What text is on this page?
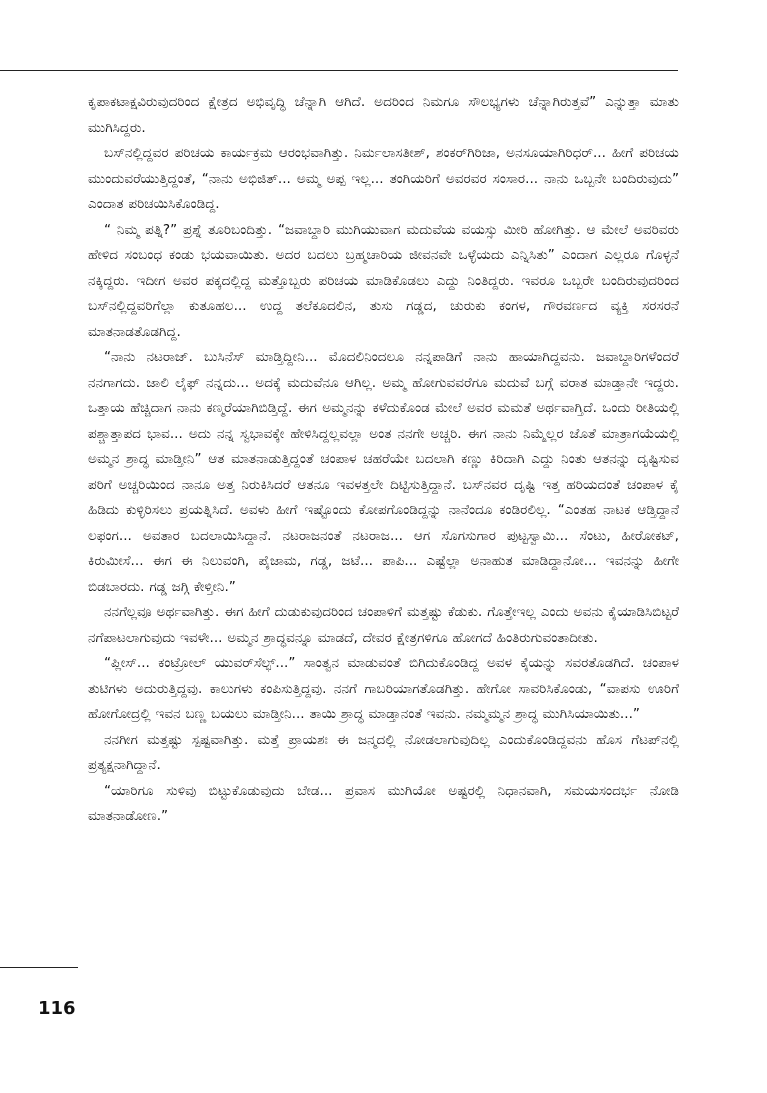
ಕೃಪಾಕಟಾಕ್ಷವಿರುವುದರಿಂದ ಕ್ಷೇತ್ರದ ಅಭಿವೃದ್ಧಿ ಚೆನ್ನಾಗಿ ಆಗಿದೆ. ಅದರಿಂದ ನಿಮಗೂ ಸೌಲಭ್ಯಗಳು ಚೆನ್ನಾಗಿರುತ್ತವೆ” ಎನ್ನುತ್ತಾ ಮಾತು ಮುಗಿಸಿದ್ದರು.

ಬಸ್‌ನಲ್ಲಿದ್ದವರ ಪರಿಚಯ ಕಾರ್ಯಕ್ರಮ ಆರಂಭವಾಗಿತ್ತು. ನಿರ್ಮಲಾಸತೀಶ್, ಶಂಕರ್‌ಗಿರಿಜಾ, ಅನಸೂಯಾಗಿರಿಧರ್... ಹೀಗೆ ಪರಿಚಯ ಮುಂದುವರೆಯುತ್ತಿದ್ದಂತೆ, “ನಾನು ಅಭಿಜಿತ್... ಅಮ್ಮ ಅಪ್ಪ ಇಲ್ಲ... ತಂಗಿಯರಿಗೆ ಅವರವರ ಸಂಸಾರ... ನಾನು ಒಬ್ಬನೇ ಬಂದಿರುವುದು” ಎಂದಾತ ಪರಿಚಯಿಸಿಕೊಂಡಿದ್ದ.

“ ನಿಮ್ಮ ಪತ್ನಿ?” ಪ್ರಶ್ನೆ ತೂರಿಬಂದಿತ್ತು. “ಜವಾಬ್ದಾರಿ ಮುಗಿಯುವಾಗ ಮದುವೆಯ ವಯಸ್ಸು ಮೀರಿ ಹೋಗಿತ್ತು. ಆ ಮೇಲೆ ಅವರಿವರು ಹೇಳಿದ ಸಂಬಂಧ ಕಂಡು ಭಯವಾಯಿತು. ಅದರ ಬದಲು ಬ್ರಹ್ಮಚಾರಿಯ ಜೀವನವೇ ಒಳ್ಳೆಯದು ಎನ್ನಿಸಿತು” ಎಂದಾಗ ಎಲ್ಲರೂ ಗೊಳ್ಳನೆ ನಕ್ಕಿದ್ದರು. ಇದೀಗ ಅವರ ಪಕ್ಕದಲ್ಲಿದ್ದ ಮತ್ತೊಬ್ಬರು ಪರಿಚಯ ಮಾಡಿಕೊಡಲು ಎದ್ದು ನಿಂತಿದ್ದರು. ಇವರೂ ಒಬ್ಬರೇ ಬಂದಿರುವುದರಿಂದ ಬಸ್‌ನಲ್ಲಿದ್ದವರಿಗೆಲ್ಲಾ ಕುತೂಹಲ... ಉದ್ದ ತಲೆಕೂದಲಿನ, ತುಸು ಗಡ್ಡದ, ಚುರುಕು ಕಂಗಳ, ಗೌರವರ್ಣದ ವ್ಯಕ್ತಿ ಸರಸರನೆ ಮಾತನಾಡತೊಡಗಿದ್ದ.

“ನಾನು ನಟರಾಜ್. ಬುಸಿನೆಸ್ ಮಾಡ್ತಿದ್ದೀನಿ... ಮೊದಲಿನಿಂದಲೂ ನನ್ನಪಾಡಿಗೆ ನಾನು ಹಾಯಾಗಿದ್ದವನು. ಜವಾಬ್ದಾರಿಗಳೆಂದರೆ ನನಗಾಗದು. ಜಾಲಿ ಲೈಫ್ ನನ್ನದು... ಅದಕ್ಕೆ ಮದುವೆನೂ ಆಗಿಲ್ಲ. ಅಮ್ಮ ಹೋಗುವವರೆಗೂ ಮದುವೆ ಬಗ್ಗೆ ವರಾತ ಮಾಡ್ತಾನೇ ಇದ್ದರು. ಒತ್ತಾಯ ಹೆಚ್ಚಿದಾಗ ನಾನು ಕಣ್ಮರೆಯಾಗಿಬಿಡ್ತಿದ್ದೆ. ಈಗ ಅಮ್ಮನನ್ನು ಕಳೆದುಕೊಂಡ ಮೇಲೆ ಅವರ ಮಮತೆ ಅರ್ಥವಾಗ್ತಿದೆ. ಒಂದು ರೀತಿಯಲ್ಲಿ ಪಶ್ಚಾತ್ತಾಪದ ಭಾವ... ಅದು ನನ್ನ ಸ್ವಭಾವಕ್ಕೇ ಹೇಳಿಸಿದ್ದಲ್ಲವಲ್ಲಾ ಅಂತ ನನಗೇ ಅಚ್ಚರಿ. ಈಗ ನಾನು ನಿಮ್ಮೆಲ್ಲರ ಜೊತೆ ಮಾತ್ರಾಗಯೆಯಲ್ಲಿ ಅಮ್ಮನ ಶ್ರಾದ್ಧ ಮಾಡ್ತೀನಿ” ಆತ ಮಾತನಾಡುತ್ತಿದ್ದಂತೆ ಚಂಪಾಳ ಚಹರೆಯೇ ಬದಲಾಗಿ ಕಣ್ಣು ಕಿರಿದಾಗಿ ಎದ್ದು ನಿಂತು ಆತನನ್ನು ದೃಷ್ಟಿಸುವ ಪರಿಗೆ ಅಚ್ಚರಿಯಿಂದ ನಾನೂ ಅತ್ತ ನಿರುಕಿಸಿದರೆ ಆತನೂ ಇವಳತ್ತಲೇ ದಿಟ್ಟಿಸುತ್ತಿದ್ದಾನೆ. ಬಸ್‌ನವರ ದೃಷ್ಟಿ ಇತ್ತ ಹರಿಯದಂತೆ ಚಂಪಾಳ ಕೈ ಹಿಡಿದು ಕುಳ್ಳಿರಿಸಲು ಪ್ರಯತ್ನಿಸಿದೆ. ಅವಳು ಹೀಗೆ ಇಷ್ಟೊಂದು ಕೋಪಗೊಂಡಿದ್ದನ್ನು ನಾನೆಂದೂ ಕಂಡಿರಲಿಲ್ಲ. “ಎಂತಹ ನಾಟಕ ಆಡ್ತಿದ್ದಾನೆ ಲಫಂಗ... ಅವತಾರ ಬದಲಾಯಿಸಿದ್ದಾನೆ. ನಟರಾಜನಂತೆ ನಟರಾಜ... ಆಗ ಸೊಗಸುಗಾರ ಪುಟ್ಟಸ್ವಾಮಿ... ಸೆಂಟು, ಹೀರೋಕಟ್, ಕಿರುಮೀಸೆ... ಈಗ ಈ ನಿಲುವಂಗಿ, ಪೈಜಾಮ, ಗಡ್ಡ, ಜಟೆ... ಪಾಪಿ... ಎಷ್ಟೆಲ್ಲಾ ಅನಾಹುತ ಮಾಡಿದ್ದಾನೋ... ಇವನನ್ನು ಹೀಗೇ ಬಿಡಬಾರದು. ಗಡ್ಡ ಜಗ್ಗಿ ಕೇಳ್ತೀನಿ.”

ನನಗೆಲ್ಲವೂ ಅರ್ಥವಾಗಿತ್ತು. ಈಗ ಹೀಗೆ ದುಡುಕುವುದರಿಂದ ಚಂಪಾಳಿಗೆ ಮತ್ತಷ್ಟು ಕೆಡುಕು. ಗೊತ್ತೇಇಲ್ಲ ಎಂದು ಅವನು ಕೈಯಾಡಿಸಿಬಿಟ್ಟರೆ ನಗೆಪಾಟಲಾಗುವುದು ಇವಳೇ... ಅಮ್ಮನ ಶ್ರಾದ್ಧವನ್ನೂ ಮಾಡದೆ, ದೇವರ ಕ್ಷೇತ್ರಗಳಿಗೂ ಹೋಗದೆ ಹಿಂತಿರುಗುವಂತಾದೀತು.

“ಪ್ಲೀಸ್... ಕಂಟ್ರೋಲ್ ಯುವರ್‌ಸೆಲ್ಫ್...” ಸಾಂತ್ವನ ಮಾಡುವಂತೆ ಬಿಗಿದುಕೊಂಡಿದ್ದ ಅವಳ ಕೈಯನ್ನು ಸವರತೊಡಗಿದೆ. ಚಂಪಾಳ ತುಟಿಗಳು ಅದುರುತ್ತಿದ್ದವು. ಕಾಲುಗಳು ಕಂಪಿಸುತ್ತಿದ್ದವು. ನನಗೆ ಗಾಬರಿಯಾಗತೊಡಗಿತ್ತು. ಹೇಗೋ ಸಾವರಿಸಿಕೊಂಡು, “ವಾಪಸು ಊರಿಗೆ ಹೋಗೋದ್ರಲ್ಲಿ ಇವನ ಬಣ್ಣ ಬಯಲು ಮಾಡ್ತೀನಿ... ತಾಯಿ ಶ್ರಾದ್ಧ ಮಾಡ್ತಾನಂತೆ ಇವನು. ನಮ್ಮಮ್ಮನ ಶ್ರಾದ್ಧ ಮುಗಿಸಿಯಾಯಿತು...”

ನನಗೀಗ ಮತ್ತಷ್ಟು ಸ್ಪಷ್ಟವಾಗಿತ್ತು. ಮತ್ತೆ ಪ್ರಾಯಶಃ ಈ ಜನ್ಮದಲ್ಲಿ ನೋಡಲಾಗುವುದಿಲ್ಲ ಎಂದುಕೊಂಡಿದ್ದವನು ಹೊಸ ಗೆಟಪ್‌ನಲ್ಲಿ ಪ್ರತ್ಯಕ್ಷನಾಗಿದ್ದಾನೆ.

“ಯಾರಿಗೂ ಸುಳಿವು ಬಿಟ್ಟುಕೊಡುವುದು ಬೇಡ... ಪ್ರವಾಸ ಮುಗಿಯೋ ಅಷ್ಟರಲ್ಲಿ ನಿಧಾನವಾಗಿ, ಸಮಯಸಂದರ್ಭ ನೋಡಿ ಮಾತನಾಡೋಣ.”

116
